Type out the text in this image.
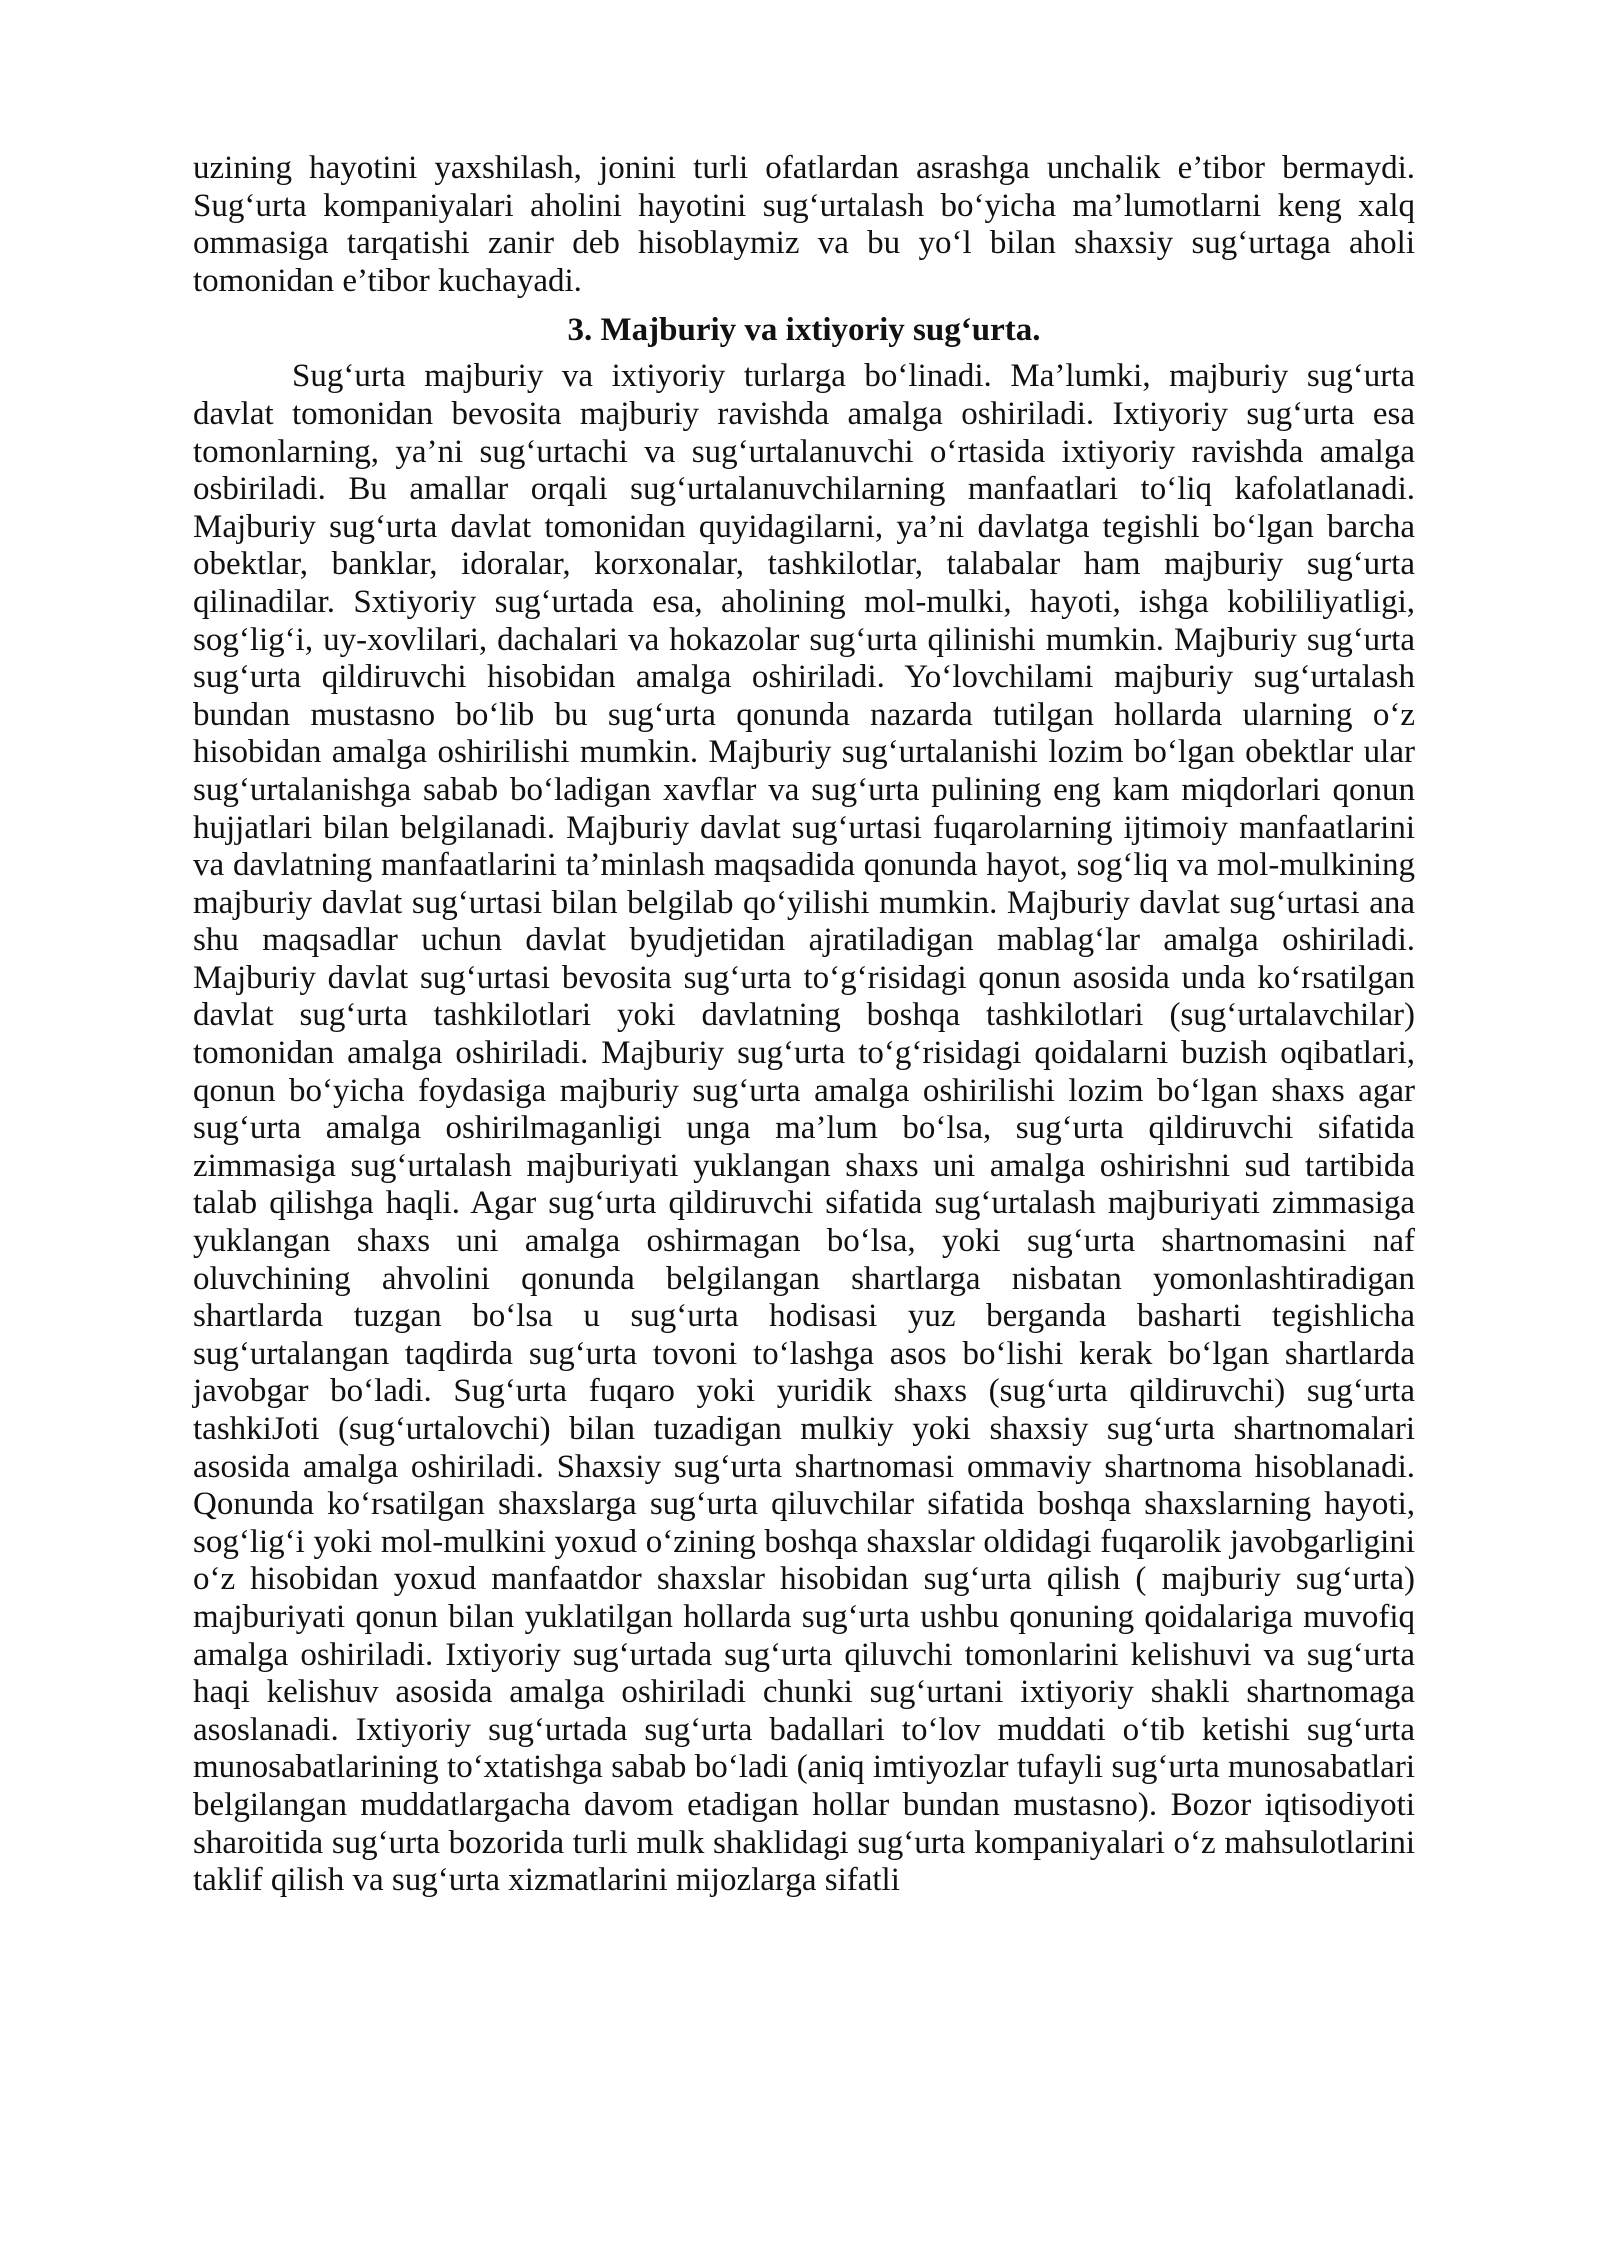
uzining hayotini yaxshilash, jonini turli ofatlardan asrashga unchalik e’tibor bermaydi. Sug‘urta kompaniyalari aholini hayotini sug‘urtalash bo‘yicha ma’lumotlarni keng xalq ommasiga tarqatishi zanir deb hisoblaymiz va bu yo‘l bilan shaxsiy sug‘urtaga aholi tomonidan e’tibor kuchayadi.

3. Majburiy va ixtiyoriy sug‘urta.

Sug‘urta majburiy va ixtiyoriy turlarga bo‘linadi. Ma’lumki, majburiy sug‘urta davlat tomonidan bevosita majburiy ravishda amalga oshiriladi. Ixtiyoriy sug‘urta esa tomonlarning, ya’ni sug‘urtachi va sug‘urtalanuvchi o‘rtasida ixtiyoriy ravishda amalga osbiriladi. Bu amallar orqali sug‘urtalanuvchilarning manfaatlari to‘liq kafolatlanadi. Majburiy sug‘urta davlat tomonidan quyidagilarni, ya’ni davlatga tegishli bo‘lgan barcha obektlar, banklar, idoralar, korxonalar, tashkilotlar, talabalar ham majburiy sug‘urta qilinadilar. Sxtiyoriy sug‘urtada esa, aholining mol-mulki, hayoti, ishga kobililiyatligi, sog‘lig‘i, uy-xovlilari, dachalari va hokazolar sug‘urta qilinishi mumkin. Majburiy sug‘urta sug‘urta qildiruvchi hisobidan amalga oshiriladi. Yo‘lovchilami majburiy sug‘urtalash bundan mustasno bo‘lib bu sug‘urta qonunda nazarda tutilgan hollarda ularning o‘z hisobidan amalga oshirilishi mumkin. Majburiy sug‘urtalanishi lozim bo‘lgan obektlar ular sug‘urtalanishga sabab bo‘ladigan xavflar va sug‘urta pulining eng kam miqdorlari qonun hujjatlari bilan belgilanadi. Majburiy davlat sug‘urtasi fuqarolarning ijtimoiy manfaatlarini va davlatning manfaatlarini ta’minlash maqsadida qonunda hayot, sog‘liq va mol-mulkining majburiy davlat sug‘urtasi bilan belgilab qo‘yilishi mumkin. Majburiy davlat sug‘urtasi ana shu maqsadlar uchun davlat byudjetidan ajratiladigan mablag‘lar amalga oshiriladi. Majburiy davlat sug‘urtasi bevosita sug‘urta to‘g‘risidagi qonun asosida unda ko‘rsatilgan davlat sug‘urta tashkilotlari yoki davlatning boshqa tashkilotlari (sug‘urtalavchilar) tomonidan amalga oshiriladi. Majburiy sug‘urta to‘g‘risidagi qoidalarni buzish oqibatlari, qonun bo‘yicha foydasiga majburiy sug‘urta amalga oshirilishi lozim bo‘lgan shaxs agar sug‘urta amalga oshirilmaganligi unga ma’lum bo‘lsa, sug‘urta qildiruvchi sifatida zimmasiga sug‘urtalash majburiyati yuklangan shaxs uni amalga oshirishni sud tartibida talab qilishga haqli. Agar sug‘urta qildiruvchi sifatida sug‘urtalash majburiyati zimmasiga yuklangan shaxs uni amalga oshirmagan bo‘lsa, yoki sug‘urta shartnomasini naf oluvchining ahvolini qonunda belgilangan shartlarga nisbatan yomonlashtiradigan shartlarda tuzgan bo‘lsa u sug‘urta hodisasi yuz berganda basharti tegishlicha sug‘urtalangan taqdirda sug‘urta tovoni to‘lashga asos bo‘lishi kerak bo‘lgan shartlarda javobgar bo‘ladi. Sug‘urta fuqaro yoki yuridik shaxs (sug‘urta qildiruvchi) sug‘urta tashkiJoti (sug‘urtalovchi) bilan tuzadigan mulkiy yoki shaxsiy sug‘urta shartnomalari asosida amalga oshiriladi. Shaxsiy sug‘urta shartnomasi ommaviy shartnoma hisoblanadi. Qonunda ko‘rsatilgan shaxslarga sug‘urta qiluvchilar sifatida boshqa shaxslarning hayoti, sog‘lig‘i yoki mol-mulkini yoxud o‘zining boshqa shaxslar oldidagi fuqarolik javobgarligini o‘z hisobidan yoxud manfaatdor shaxslar hisobidan sug‘urta qilish ( majburiy sug‘urta) majburiyati qonun bilan yuklatilgan hollarda sug‘urta ushbu qonuning qoidalariga muvofiq amalga oshiriladi. Ixtiyoriy sug‘urtada sug‘urta qiluvchi tomonlarini kelishuvi va sug‘urta haqi kelishuv asosida amalga oshiriladi chunki sug‘urtani ixtiyoriy shakli shartnomaga asoslanadi. Ixtiyoriy sug‘urtada sug‘urta badallari to‘lov muddati o‘tib ketishi sug‘urta munosabatlarining to‘xtatishga sabab bo‘ladi (aniq imtiyozlar tufayli sug‘urta munosabatlari belgilangan muddatlargacha davom etadigan hollar bundan mustasno). Bozor iqtisodiyoti sharoitida sug‘urta bozorida turli mulk shaklidagi sug‘urta kompaniyalari o‘z mahsulotlarini taklif qilish va sug‘urta xizmatlarini mijozlarga sifatli
